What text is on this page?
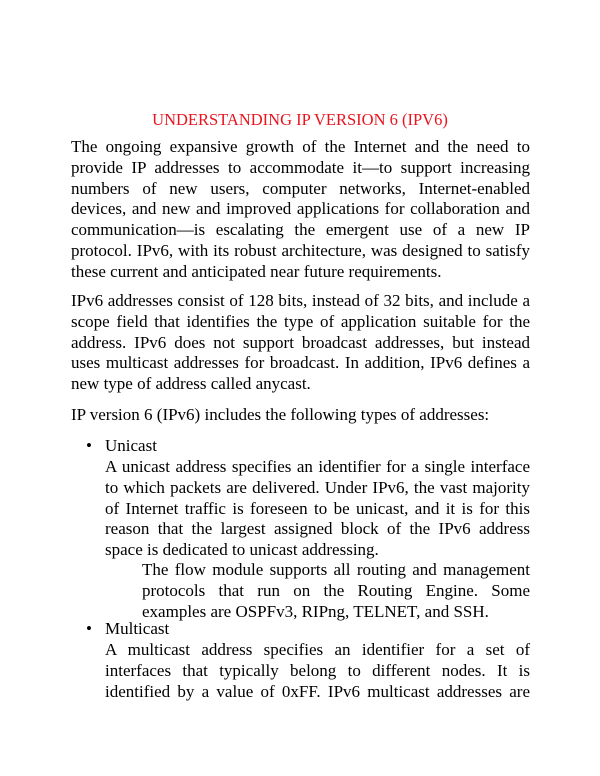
UNDERSTANDING IP VERSION 6 (IPV6)

The ongoing expansive growth of the Internet and the need to provide IP addresses to accommodate it—to support increasing numbers of new users, computer networks, Internet-enabled devices, and new and improved applications for collaboration and communication—is escalating the emergent use of a new IP protocol. IPv6, with its robust architecture, was designed to satisfy these current and anticipated near future requirements.

IPv6 addresses consist of 128 bits, instead of 32 bits, and include a scope field that identifies the type of application suitable for the address. IPv6 does not support broadcast addresses, but instead uses multicast addresses for broadcast. In addition, IPv6 defines a new type of address called anycast.

IP version 6 (IPv6) includes the following types of addresses:

• Unicast

A unicast address specifies an identifier for a single interface to which packets are delivered. Under IPv6, the vast majority of Internet traffic is foreseen to be unicast, and it is for this reason that the largest assigned block of the IPv6 address space is dedicated to unicast addressing.

The flow module supports all routing and management protocols that run on the Routing Engine. Some examples are OSPFv3, RIPng, TELNET, and SSH.

• Multicast

A multicast address specifies an identifier for a set of interfaces that typically belong to different nodes. It is identified by a value of 0xFF. IPv6 multicast addresses are
